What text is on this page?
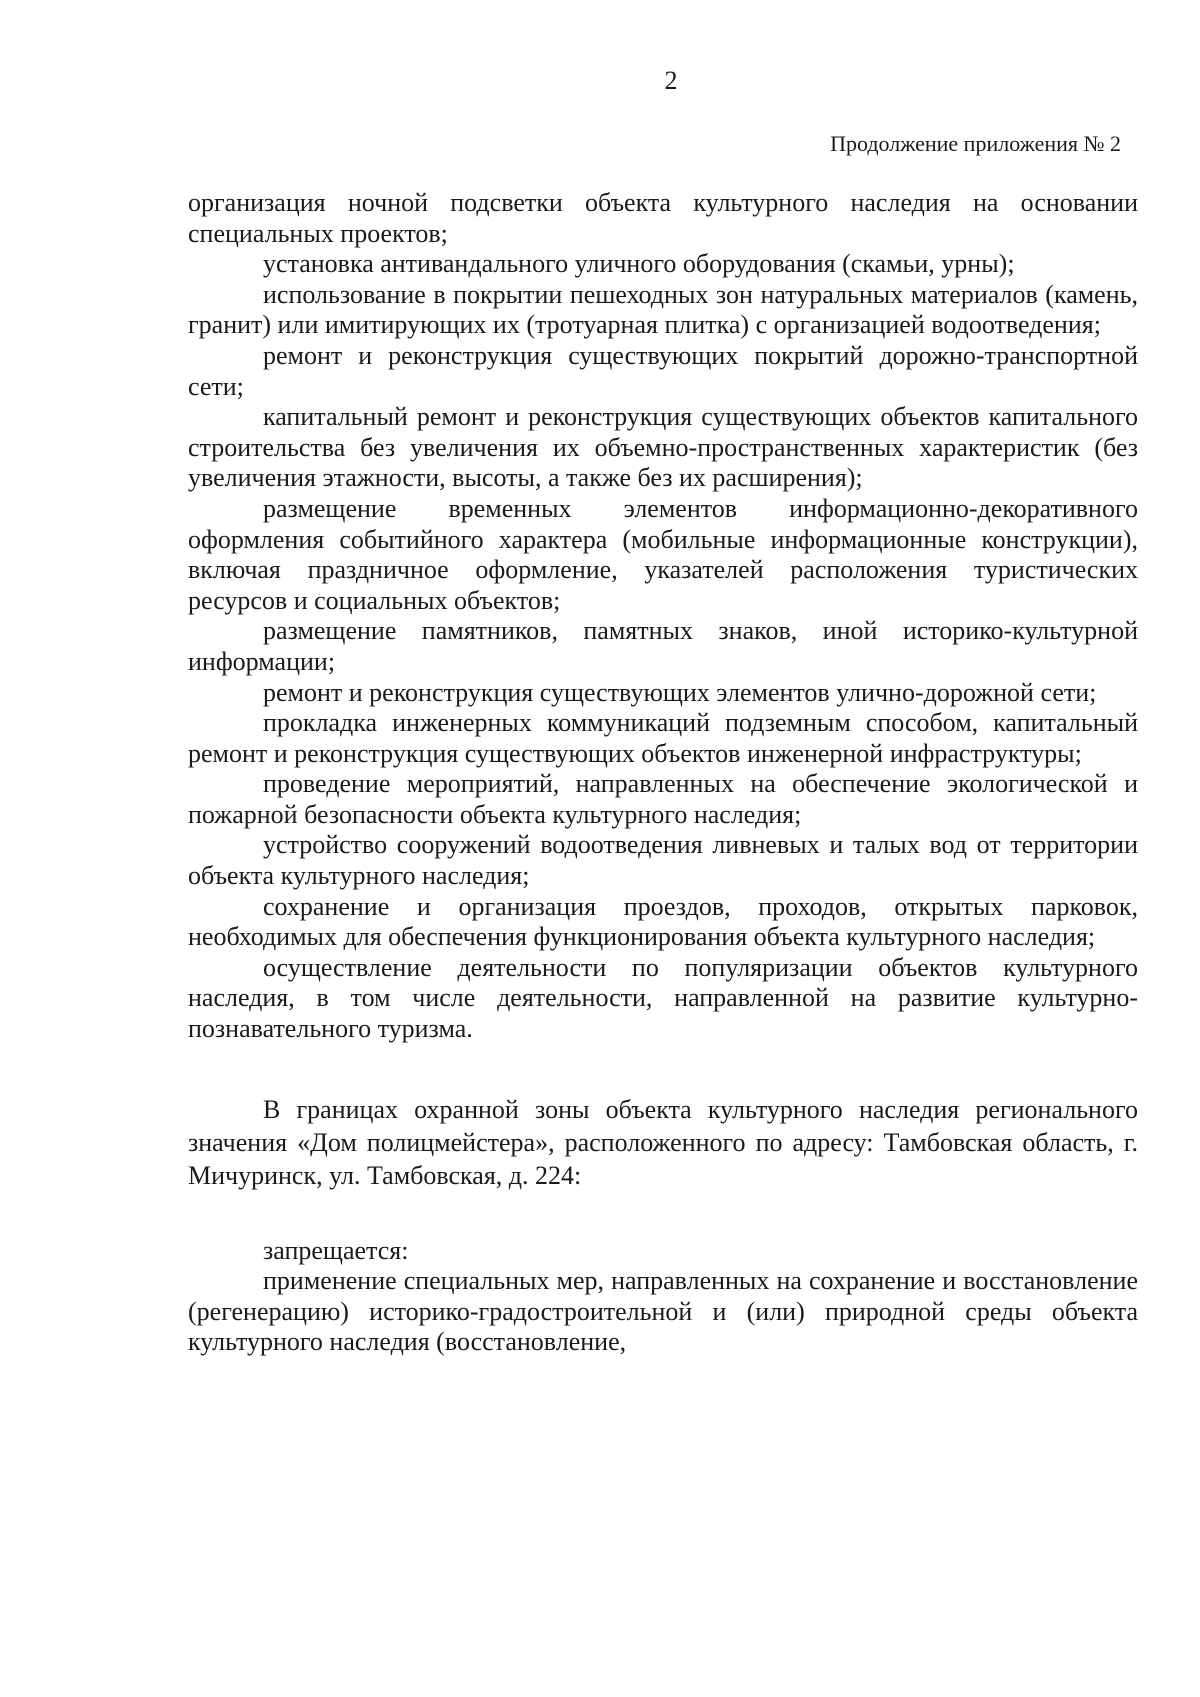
2
Продолжение приложения № 2

организация ночной подсветки объекта культурного наследия на основании специальных проектов;

установка антивандального уличного оборудования (скамьи, урны);

использование в покрытии пешеходных зон натуральных материалов (камень, гранит) или имитирующих их (тротуарная плитка) с организацией водоотведения;

ремонт и реконструкция существующих покрытий дорожно-транспортной сети;

капитальный ремонт и реконструкция существующих объектов капитального строительства без увеличения их объемно-пространственных характеристик (без увеличения этажности, высоты, а также без их расширения);

размещение временных элементов информационно-декоративного оформления событийного характера (мобильные информационные конструкции), включая праздничное оформление, указателей расположения туристических ресурсов и социальных объектов;

размещение памятников, памятных знаков, иной историко-культурной информации;

ремонт и реконструкция существующих элементов улично-дорожной сети;

прокладка инженерных коммуникаций подземным способом, капитальный ремонт и реконструкция существующих объектов инженерной инфраструктуры;

проведение мероприятий, направленных на обеспечение экологической и пожарной безопасности объекта культурного наследия;

устройство сооружений водоотведения ливневых и талых вод от территории объекта культурного наследия;

сохранение и организация проездов, проходов, открытых парковок, необходимых для обеспечения функционирования объекта культурного наследия;

осуществление деятельности по популяризации объектов культурного наследия, в том числе деятельности, направленной на развитие культурно-познавательного туризма.

В границах охранной зоны объекта культурного наследия регионального значения «Дом полицмейстера», расположенного по адресу: Тамбовская область, г. Мичуринск, ул. Тамбовская, д. 224:

запрещается:

применение специальных мер, направленных на сохранение и восстановление (регенерацию) историко-градостроительной и (или) природной среды объекта культурного наследия (восстановление,
